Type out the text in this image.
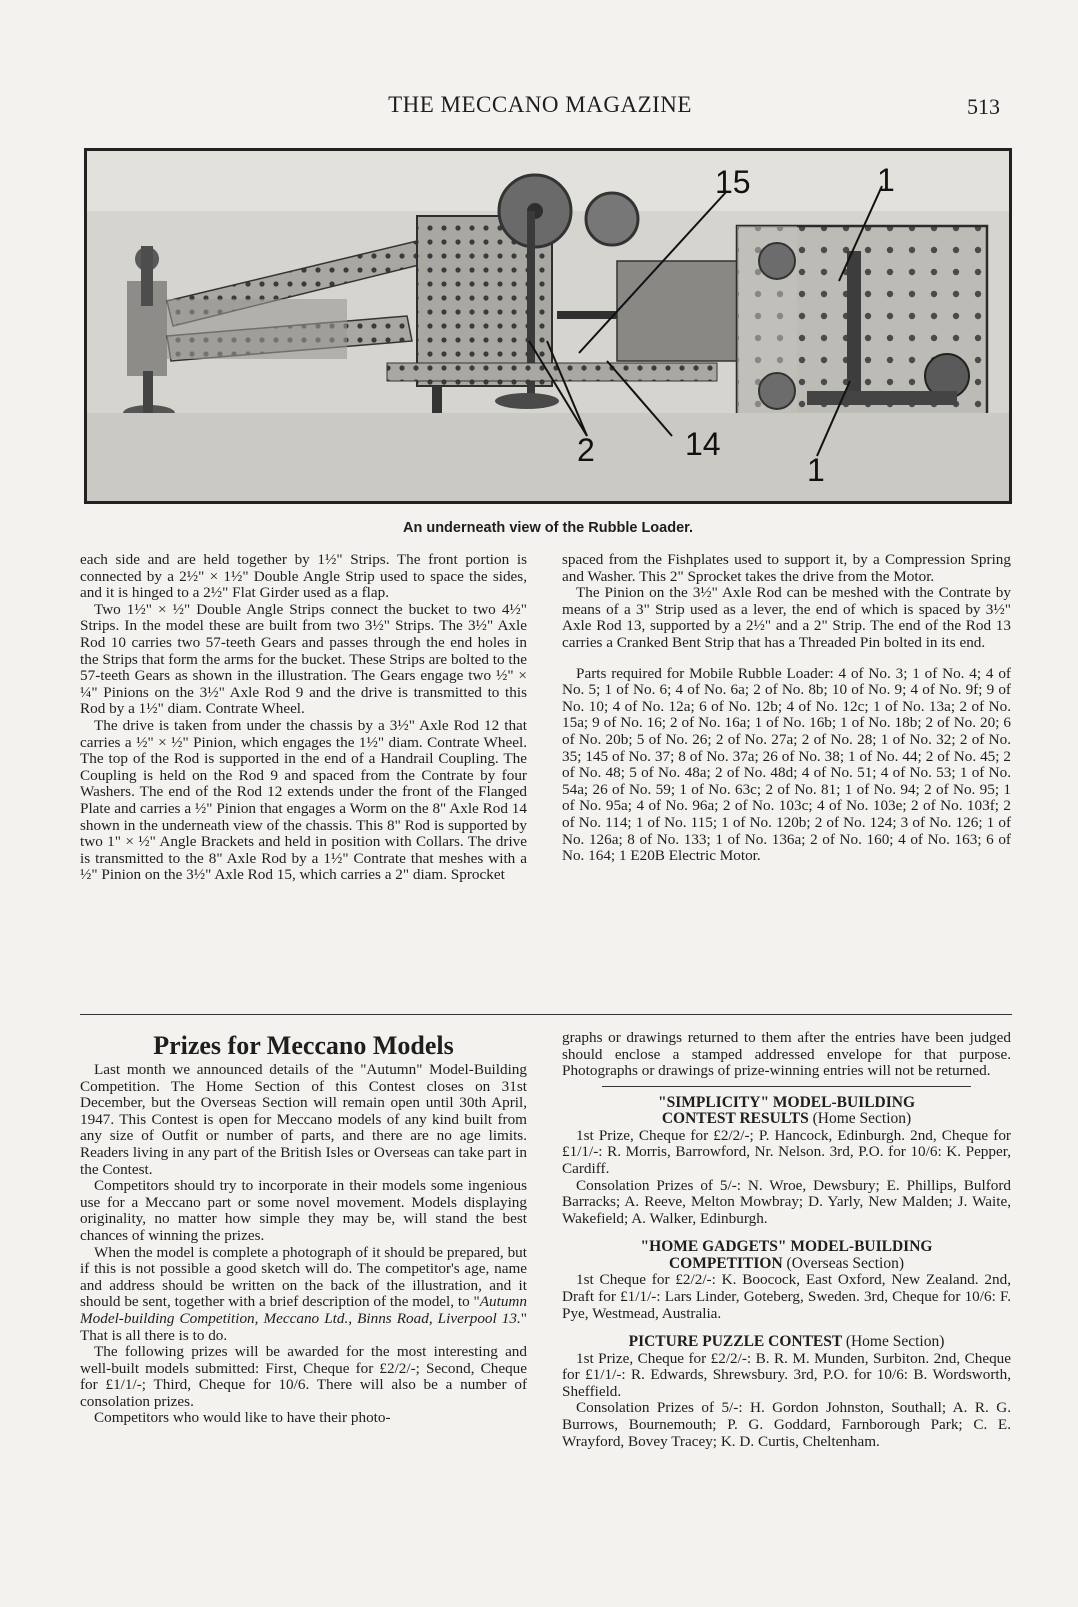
THE MECCANO MAGAZINE	513
15	1
2	14
1
An underneath view of the Rubble Loader.

each side and are held together by 1½" Strips. The front portion is connected by a 2½" × 1½" Double Angle Strip used to space the sides, and it is hinged to a 2½" Flat Girder used as a flap.

Two 1½" × ½" Double Angle Strips connect the bucket to two 4½" Strips. In the model these are built from two 3½" Strips. The 3½" Axle Rod 10 carries two 57-teeth Gears and passes through the end holes in the Strips that form the arms for the bucket. These Strips are bolted to the 57-teeth Gears as shown in the illustration. The Gears engage two ½" × ¼" Pinions on the 3½" Axle Rod 9 and the drive is transmitted to this Rod by a 1½" diam. Contrate Wheel.

The drive is taken from under the chassis by a 3½" Axle Rod 12 that carries a ½" × ½" Pinion, which engages the 1½" diam. Contrate Wheel. The top of the Rod is supported in the end of a Handrail Coupling. The Coupling is held on the Rod 9 and spaced from the Contrate by four Washers. The end of the Rod 12 extends under the front of the Flanged Plate and carries a ½" Pinion that engages a Worm on the 8" Axle Rod 14 shown in the underneath view of the chassis. This 8" Rod is supported by two 1" × ½" Angle Brackets and held in position with Collars. The drive is transmitted to the 8" Axle Rod by a 1½" Contrate that meshes with a ½" Pinion on the 3½" Axle Rod 15, which carries a 2" diam. Sprocket

spaced from the Fishplates used to support it, by a Compression Spring and Washer. This 2" Sprocket takes the drive from the Motor.

The Pinion on the 3½" Axle Rod can be meshed with the Contrate by means of a 3" Strip used as a lever, the end of which is spaced by 3½" Axle Rod 13, supported by a 2½" and a 2" Strip. The end of the Rod 13 carries a Cranked Bent Strip that has a Threaded Pin bolted in its end.

Parts required for Mobile Rubble Loader: 4 of No. 3; 1 of No. 4; 4 of No. 5; 1 of No. 6; 4 of No. 6a; 2 of No. 8b; 10 of No. 9; 4 of No. 9f; 9 of No. 10; 4 of No. 12a; 6 of No. 12b; 4 of No. 12c; 1 of No. 13a; 2 of No. 15a; 9 of No. 16; 2 of No. 16a; 1 of No. 16b; 1 of No. 18b; 2 of No. 20; 6 of No. 20b; 5 of No. 26; 2 of No. 27a; 2 of No. 28; 1 of No. 32; 2 of No. 35; 145 of No. 37; 8 of No. 37a; 26 of No. 38; 1 of No. 44; 2 of No. 45; 2 of No. 48; 5 of No. 48a; 2 of No. 48d; 4 of No. 51; 4 of No. 53; 1 of No. 54a; 26 of No. 59; 1 of No. 63c; 2 of No. 81; 1 of No. 94; 2 of No. 95; 1 of No. 95a; 4 of No. 96a; 2 of No. 103c; 4 of No. 103e; 2 of No. 103f; 2 of No. 114; 1 of No. 115; 1 of No. 120b; 2 of No. 124; 3 of No. 126; 1 of No. 126a; 8 of No. 133; 1 of No. 136a; 2 of No. 160; 4 of No. 163; 6 of No. 164; 1 E20B Electric Motor.

Prizes for Meccano Models

Last month we announced details of the "Autumn" Model-Building Competition. The Home Section of this Contest closes on 31st December, but the Overseas Section will remain open until 30th April, 1947. This Contest is open for Meccano models of any kind built from any size of Outfit or number of parts, and there are no age limits. Readers living in any part of the British Isles or Overseas can take part in the Contest.

Competitors should try to incorporate in their models some ingenious use for a Meccano part or some novel movement. Models displaying originality, no matter how simple they may be, will stand the best chances of winning the prizes.

When the model is complete a photograph of it should be prepared, but if this is not possible a good sketch will do. The competitor's age, name and address should be written on the back of the illustration, and it should be sent, together with a brief description of the model, to "Autumn Model-building Competition, Meccano Ltd., Binns Road, Liverpool 13." That is all there is to do.

The following prizes will be awarded for the most interesting and well-built models submitted: First, Cheque for £2/2/-; Second, Cheque for £1/1/-; Third, Cheque for 10/6. There will also be a number of consolation prizes.

Competitors who would like to have their photo-

graphs or drawings returned to them after the entries have been judged should enclose a stamped addressed envelope for that purpose. Photographs or drawings of prize-winning entries will not be returned.

"SIMPLICITY" MODEL-BUILDING
CONTEST RESULTS (Home Section)

1st Prize, Cheque for £2/2/-; P. Hancock, Edinburgh. 2nd, Cheque for £1/1/-: R. Morris, Barrowford, Nr. Nelson. 3rd, P.O. for 10/6: K. Pepper, Cardiff.

Consolation Prizes of 5/-: N. Wroe, Dewsbury; E. Phillips, Bulford Barracks; A. Reeve, Melton Mowbray; D. Yarly, New Malden; J. Waite, Wakefield; A. Walker, Edinburgh.

"HOME GADGETS" MODEL-BUILDING
COMPETITION (Overseas Section)

1st Cheque for £2/2/-: K. Boocock, East Oxford, New Zealand. 2nd, Draft for £1/1/-: Lars Linder, Goteberg, Sweden. 3rd, Cheque for 10/6: F. Pye, Westmead, Australia.

PICTURE PUZZLE CONTEST (Home Section)

1st Prize, Cheque for £2/2/-: B. R. M. Munden, Surbiton. 2nd, Cheque for £1/1/-: R. Edwards, Shrewsbury. 3rd, P.O. for 10/6: B. Wordsworth, Sheffield.

Consolation Prizes of 5/-: H. Gordon Johnston, Southall; A. R. G. Burrows, Bournemouth; P. G. Goddard, Farnborough Park; C. E. Wrayford, Bovey Tracey; K. D. Curtis, Cheltenham.
